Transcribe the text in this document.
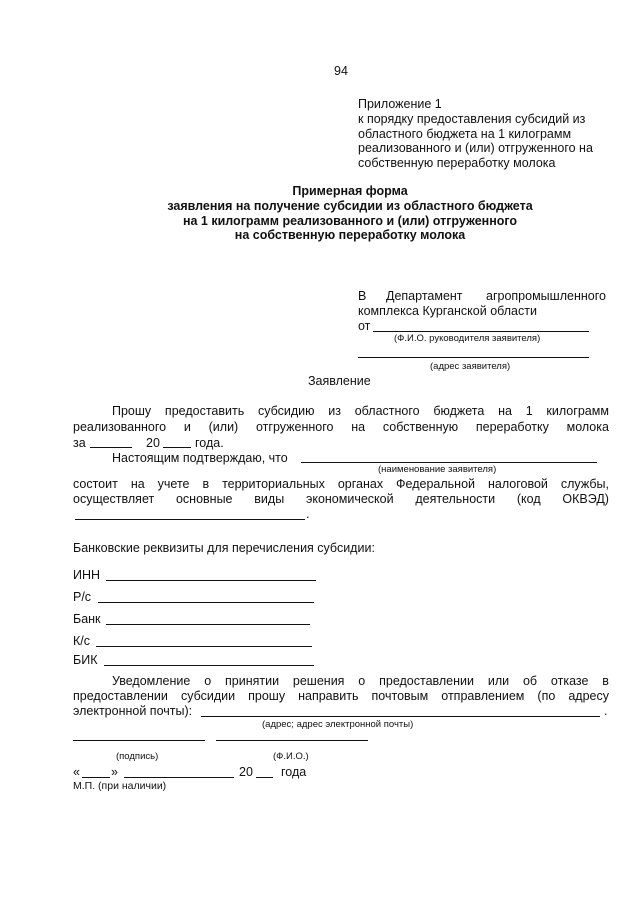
94
Приложение 1
к порядку предоставления субсидий из
областного бюджета на 1 килограмм
реализованного и (или) отгруженного на
собственную переработку молока
Примерная форма
заявления на получение субсидии из областного бюджета
на 1 килограмм реализованного и (или) отгруженного
на собственную переработку молока
В Департамент агропромышленного
комплекса Курганской области
от
(Ф.И.О. руководителя заявителя)
(адрес заявителя)
Заявление
Прошу предоставить субсидию из областного бюджета на 1 килограмм
реализованного и (или) отгруженного на собственную переработку молока
за	20	года.
Настоящим подтверждаю, что
(наименование заявителя)
состоит на учете в территориальных органах Федеральной налоговой службы,
осуществляет основные виды экономической деятельности (код ОКВЭД)
.
Банковские реквизиты для перечисления субсидии:
ИНН
Р/с
Банк
К/с
БИК
Уведомление о принятии решения о предоставлении или об отказе в
предоставлении субсидии прошу направить почтовым отправлением (по адресу
электронной почты):	.
(адрес; адрес электронной почты)
(подпись)	(Ф.И.О.)
« »	20 года
М.П. (при наличии)
